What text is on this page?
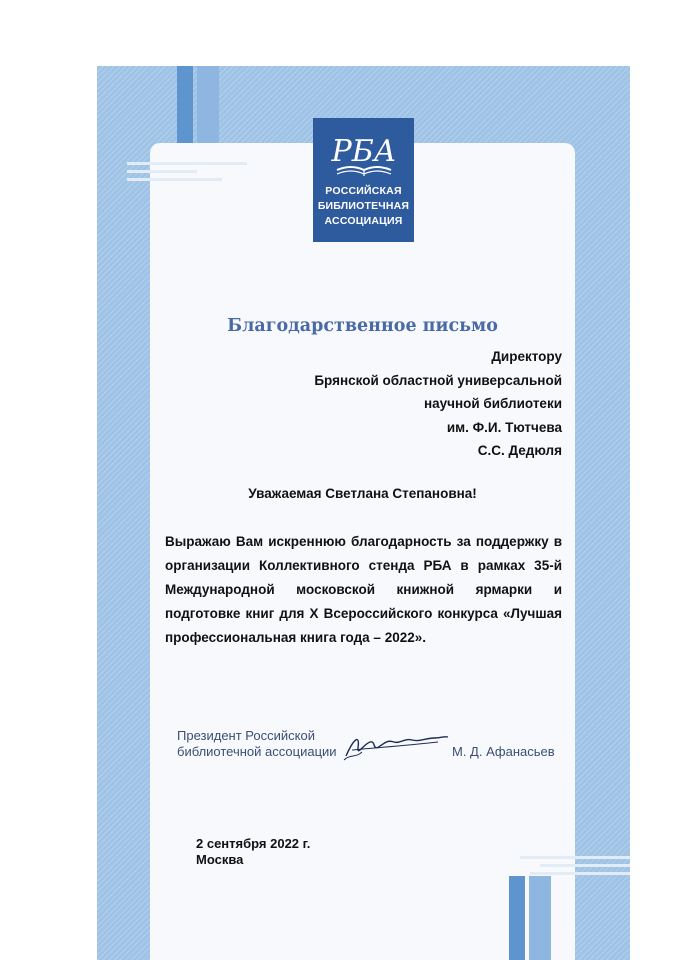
РБА
РОССИЙСКАЯ
БИБЛИОТЕЧНАЯ
АССОЦИАЦИЯ
Благодарственное письмо
Директору
Брянской областной универсальной
научной библиотеки
им. Ф.И. Тютчева
С.С. Дедюля
Уважаемая Светлана Степановна!
Выражаю Вам искреннюю благодарность за поддержку в организации Коллективного стенда РБА в рамках 35-й Международной московской книжной ярмарки и подготовке книг для X Всероссийского конкурса «Лучшая профессиональная книга года – 2022».
Президент Российской
библиотечной ассоциации	М. Д. Афанасьев
2 сентября 2022 г.
Москва
